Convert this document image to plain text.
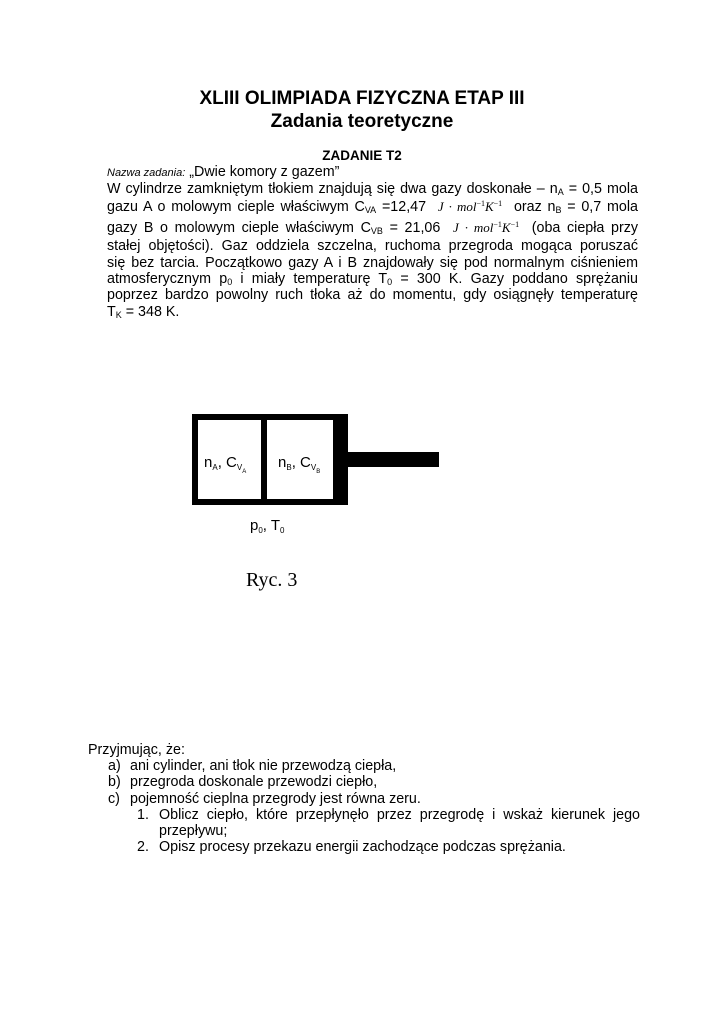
XLIII OLIMPIADA FIZYCZNA ETAP III
Zadania teoretyczne
ZADANIE T2
Nazwa zadania: „Dwie komory z gazem”
W cylindrze zamkniętym tłokiem znajdują się dwa gazy doskonałe – $n_A = 0,5$ mola
gazu A o molowym cieple właściwym $C_{VA} =12,47$ $J \cdot mol^{-1}K^{-1}$ oraz $n_B = 0,7$ mola
gazy B o molowym cieple właściwym $C_{VB} = 21,06$ $J \cdot mol^{-1}K^{-1}$ (oba ciepła przy
stałej objętości). Gaz oddziela szczelna, ruchoma przegroda mogąca poruszać
się bez tarcia. Początkowo gazy A i B znajdowały się pod normalnym ciśnieniem
atmosferycznym $p_0$ i miały temperaturę $T_0 = 300$ K. Gazy poddano sprężaniu
poprzez bardzo powolny ruch tłoka aż do momentu, gdy osiągnęły temperaturę
$T_K = 348$ K.
nA, CVA
nB, CVB
p0, T0
Ryc. 3
Przyjmując, że:
a) ani cylinder, ani tłok nie przewodzą ciepła,
b) przegroda doskonale przewodzi ciepło,
c) pojemność cieplna przegrody jest równa zeru.
1. Oblicz ciepło, które przepłynęło przez przegrodę i wskaż kierunek jego przepływu;
2. Opisz procesy przekazu energii zachodzące podczas sprężania.
